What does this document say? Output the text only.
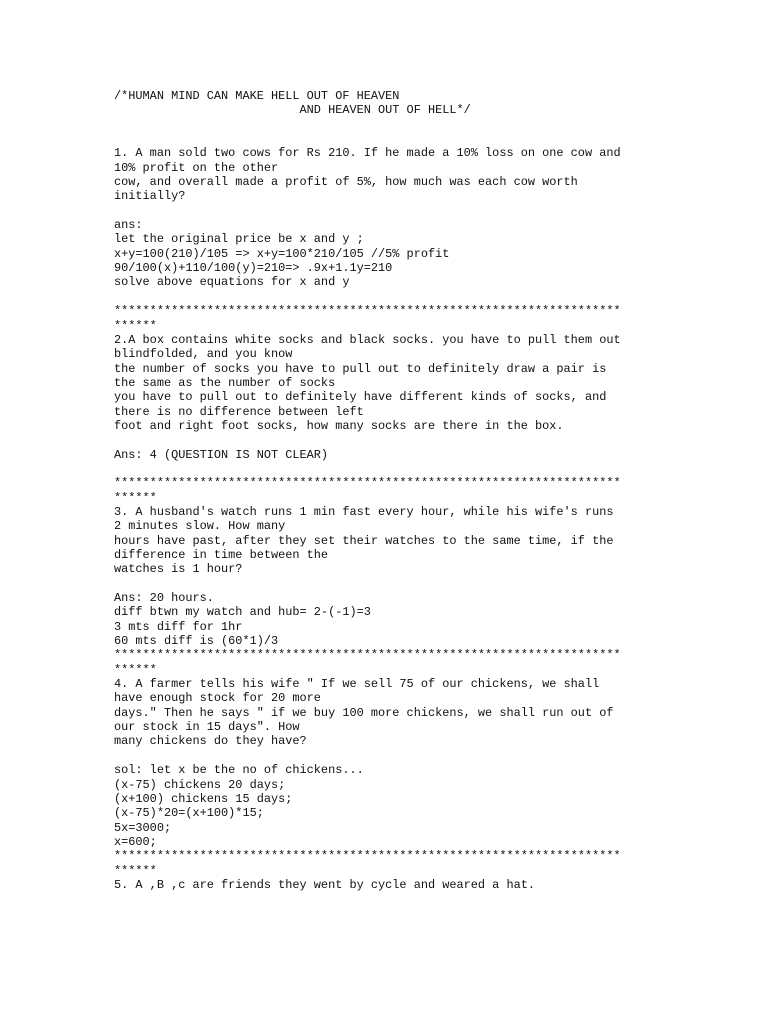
/*HUMAN MIND CAN MAKE HELL OUT OF HEAVEN
AND HEAVEN OUT OF HELL*/

1. A man sold two cows for Rs 210. If he made a 10% loss on one cow and
10% profit on the other
cow, and overall made a profit of 5%, how much was each cow worth
initially?

ans:
let the original price be x and y ;
x+y=100(210)/105 => x+y=100*210/105 //5% profit
90/100(x)+110/100(y)=210=> .9x+1.1y=210
solve above equations for x and y

***********************************************************************
******
2.A box contains white socks and black socks. you have to pull them out
blindfolded, and you know
the number of socks you have to pull out to definitely draw a pair is
the same as the number of socks
you have to pull out to definitely have different kinds of socks, and
there is no difference between left
foot and right foot socks, how many socks are there in the box.

Ans: 4 (QUESTION IS NOT CLEAR)

***********************************************************************
******
3. A husband's watch runs 1 min fast every hour, while his wife's runs
2 minutes slow. How many
hours have past, after they set their watches to the same time, if the
difference in time between the
watches is 1 hour?

Ans: 20 hours.
diff btwn my watch and hub= 2-(-1)=3
3 mts diff for 1hr
60 mts diff is (60*1)/3
***********************************************************************
******
4. A farmer tells his wife " If we sell 75 of our chickens, we shall
have enough stock for 20 more
days." Then he says " if we buy 100 more chickens, we shall run out of
our stock in 15 days". How
many chickens do they have?

sol: let x be the no of chickens...
(x-75) chickens 20 days;
(x+100) chickens 15 days;
(x-75)*20=(x+100)*15;
5x=3000;
x=600;
***********************************************************************
******
5. A ,B ,c are friends they went by cycle and weared a hat.
